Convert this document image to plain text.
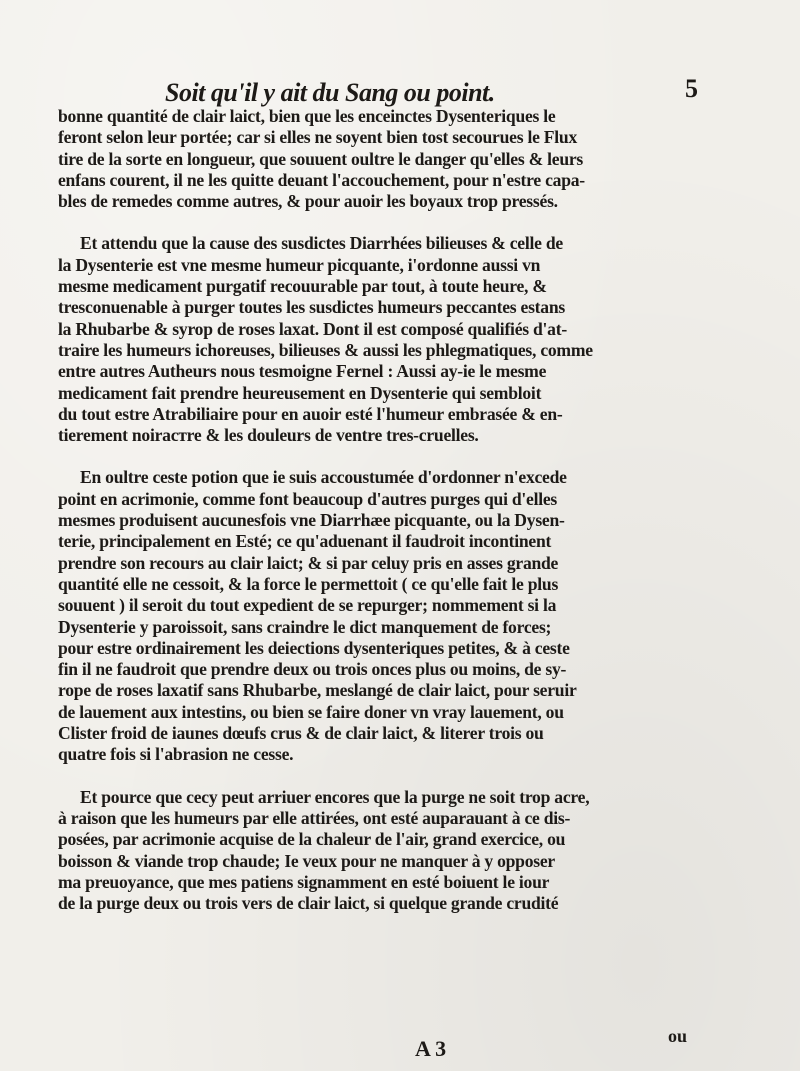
Soit qu'il y ait du Sang ou point.	5
bonne quantité de clair laict, bien que les enceinctes Dysenteriques le
feront selon leur portée; car si elles ne soyent bien tost secourues le Flux
tire de la sorte en longueur, que souuent oultre le danger qu'elles & leurs
enfans courent, il ne les quitte deuant l'accouchement, pour n'estre capa-
bles de remedes comme autres, & pour auoir les boyaux trop pressés.
Et attendu que la cause des susdictes Diarrhées bilieuses & celle de
la Dysenterie est vne mesme humeur picquante, i'ordonne aussi vn
mesme medicament purgatif recouurable par tout, à toute heure, &
tresconuenable à purger toutes les susdictes humeurs peccantes estans
la Rhubarbe & syrop de roses laxat. Dont il est composé qualifiés d'at-
traire les humeurs ichoreuses, bilieuses & aussi les phlegmatiques, comme
entre autres Autheurs nous tesmoigne Fernel : Aussi ay-ie le mesme
medicament fait prendre heureusement en Dysenterie qui sembloit
du tout estre Atrabiliaire pour en auoir esté l'humeur embrasée & en-
tierement noiraстre & les douleurs de ventre tres-cruelles.
En oultre ceste potion que ie suis accoustumée d'ordonner n'excede
point en acrimonie, comme font beaucoup d'autres purges qui d'elles
mesmes produisent aucunesfois vne Diarrhæe picquante, ou la Dysen-
terie, principalement en Esté; ce qu'aduenant il faudroit incontinent
prendre son recours au clair laict; & si par celuy pris en asses grande
quantité elle ne cessoit, & la force le permettoit ( ce qu'elle fait le plus
souuent ) il seroit du tout expedient de se repurger; nommement si la
Dysenterie y paroissoit, sans craindre le dict manquement de forces;
pour estre ordinairement les deiections dysenteriques petites, & à ceste
fin il ne faudroit que prendre deux ou trois onces plus ou moins, de sy-
rope de roses laxatif sans Rhubarbe, meslangé de clair laict, pour seruir
de lauement aux intestins, ou bien se faire doner vn vray lauement, ou
Clister froid de iaunes dœufs crus & de clair laict, & literer trois ou
quatre fois si l'abrasion ne cesse.
Et pource que cecy peut arriuer encores que la purge ne soit trop acre,
à raison que les humeurs par elle attirées, ont esté auparauant à ce dis-
posées, par acrimonie acquise de la chaleur de l'air, grand exercice, ou
boisson & viande trop chaude; Ie veux pour ne manquer à y opposer
ma preuoyance, que mes patiens signamment en esté boiuent le iour
de la purge deux ou trois vers de clair laict, si quelque grande crudité
A 3	ou
